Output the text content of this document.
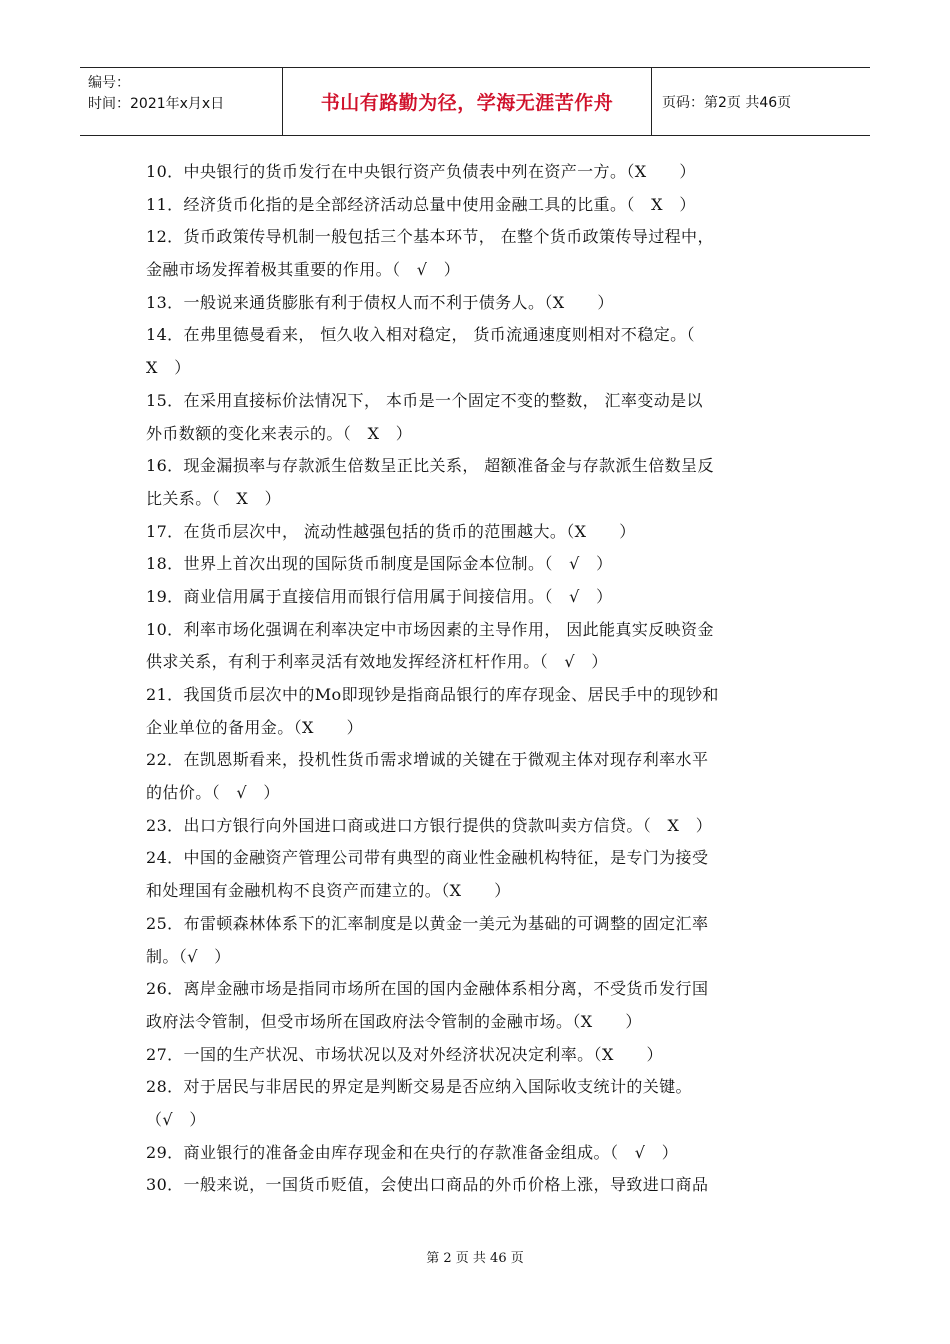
编号：
时间：2021年x月x日	书山有路勤为径，学海无涯苦作舟	页码：第2页 共46页
10．中央银行的货币发行在中央银行资产负债表中列在资产一方。（X　　）
11．经济货币化指的是全部经济活动总量中使用金融工具的比重。（　X　）
12．货币政策传导机制一般包括三个基本环节， 在整个货币政策传导过程中，
金融市场发挥着极其重要的作用。（　√　）
13．一般说来通货膨胀有利于债权人而不利于债务人。（X　　）
14．在弗里德曼看来， 恒久收入相对稳定， 货币流通速度则相对不稳定。（
X　）
15．在采用直接标价法情况下， 本币是一个固定不变的整数， 汇率变动是以
外币数额的变化来表示的。（　X　）
16．现金漏损率与存款派生倍数呈正比关系， 超额准备金与存款派生倍数呈反
比关系。（　X　）
17．在货币层次中， 流动性越强包括的货币的范围越大。（X　　）
18．世界上首次出现的国际货币制度是国际金本位制。（　√　）
19．商业信用属于直接信用而银行信用属于间接信用。（　√　）
10．利率市场化强调在利率决定中市场因素的主导作用， 因此能真实反映资金
供求关系，有利于利率灵活有效地发挥经济杠杆作用。（　√　）
21．我国货币层次中的Mo即现钞是指商品银行的库存现金、居民手中的现钞和
企业单位的备用金。（X　　）
22．在凯恩斯看来，投机性货币需求增诚的关键在于微观主体对现存利率水平
的估价。（　√　）
23．出口方银行向外国进口商或进口方银行提供的贷款叫卖方信贷。（　X　）
24．中国的金融资产管理公司带有典型的商业性金融机构特征，是专门为接受
和处理国有金融机构不良资产而建立的。（X　　）
25．布雷顿森林体系下的汇率制度是以黄金一美元为基础的可调整的固定汇率
制。（√　）
26．离岸金融市场是指同市场所在国的国内金融体系相分离，不受货币发行国
政府法令管制，但受市场所在国政府法令管制的金融市场。（X　　）
27．一国的生产状况、市场状况以及对外经济状况决定利率。（X　　）
28．对于居民与非居民的界定是判断交易是否应纳入国际收支统计的关键。
（√　）
29．商业银行的准备金由库存现金和在央行的存款准备金组成。（　√　）
30．一般来说，一国货币贬值，会使出口商品的外币价格上涨，导致进口商品
第 2 页 共 46 页
